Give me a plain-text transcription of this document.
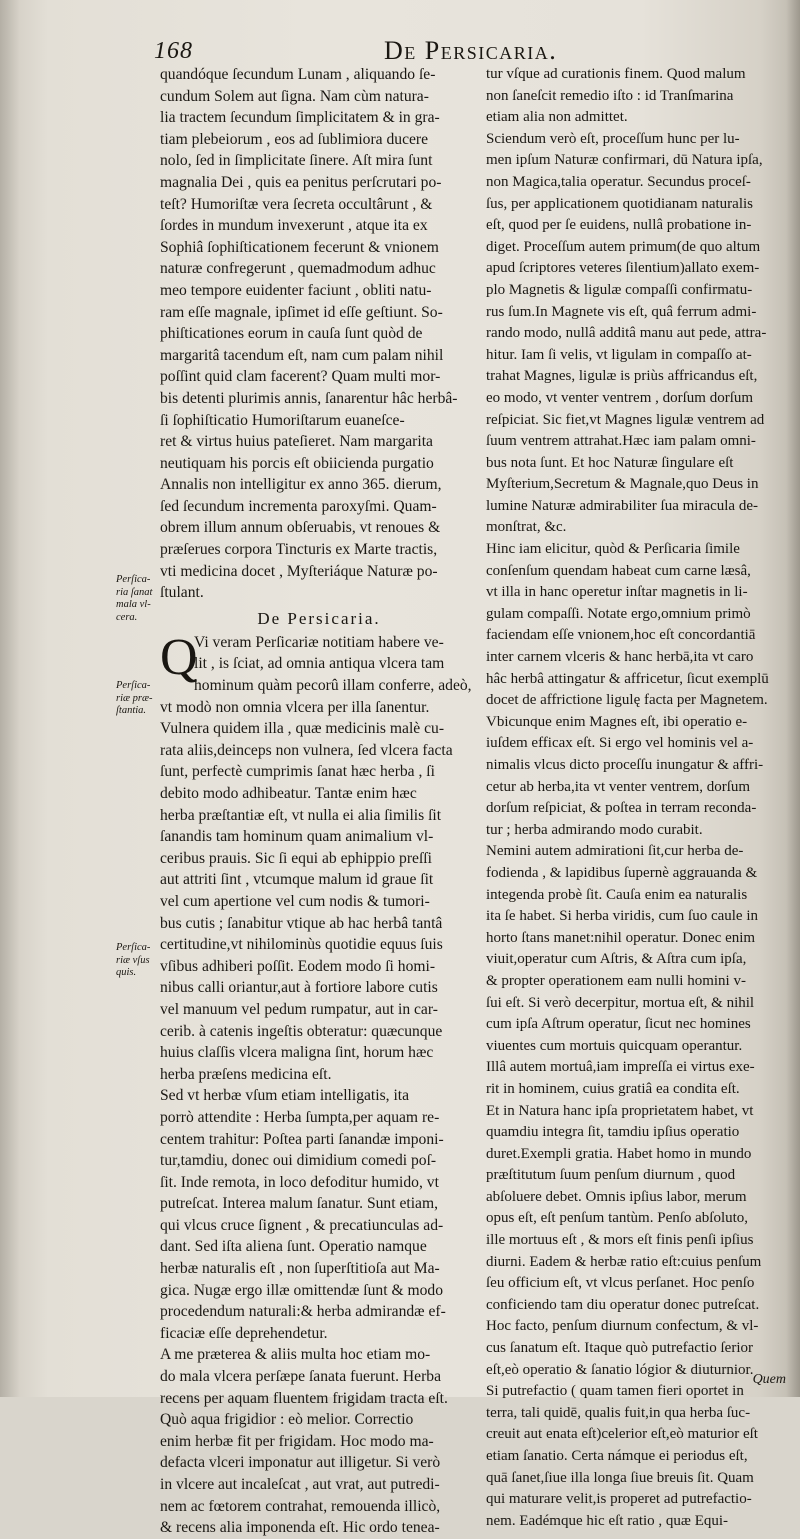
168	De Persicaria.

Perſica-ria ſanat mala vl-cera.
Perſica-riæ præ-ſtantia.
Perſica-riæ vſus quis.
quandóque ſecundum Lunam , aliquando ſe-
cundum Solem aut ſigna. Nam cùm natura-
lia tractem ſecundum ſimplicitatem & in gra-
tiam plebeiorum , eos ad ſublimiora ducere
nolo, ſed in ſimplicitate ſinere. Aſt mira ſunt
magnalia Dei , quis ea penitus perſcrutari po-
teſt? Humoriſtæ vera ſecreta occultârunt , &
ſordes in mundum invexerunt , atque ita ex
Sophiâ ſophiſticationem fecerunt & vnionem
naturæ confregerunt , quemadmodum adhuc
meo tempore euidenter faciunt , obliti natu-
ram eſſe magnale, ipſimet id eſſe geſtiunt. So-
phiſticationes eorum in cauſa ſunt quòd de
margaritâ tacendum eſt, nam cum palam nihil
poſſint quid clam facerent? Quam multi mor-
bis detenti plurimis annis, ſanarentur hâc herbâ-
ſi ſophiſticatio Humoriſtarum euaneſce-
ret & virtus huius pateſieret. Nam margarita
neutiquam his porcis eſt obiicienda purgatio
Annalis non intelligitur ex anno 365. dierum,
ſed ſecundum incrementa paroxyſmi. Quam-
obrem illum annum obſeruabis, vt renoues &
præſerues corpora Tincturis ex Marte tractis,
vti medicina docet , Myſteriáque Naturæ po-
ſtulant.
De Persicaria.
Q
Vi veram Perſicariæ notitiam habere ve-
lit , is ſciat, ad omnia antiqua vlcera tam
hominum quàm pecorû illam conferre, adeò,
vt modò non omnia vlcera per illa ſanentur.
Vulnera quidem illa , quæ medicinis malè cu-
rata aliis,deinceps non vulnera, ſed vlcera facta
ſunt, perfectè cumprimis ſanat hæc herba , ſi
debito modo adhibeatur. Tantæ enim hæc
herba præſtantiæ eſt, vt nulla ei alia ſimilis ſit
ſanandis tam hominum quam animalium vl-
ceribus prauis. Sic ſi equi ab ephippio preſſi
aut attriti ſint , vtcumque malum id graue ſit
vel cum apertione vel cum nodis & tumori-
bus cutis ; ſanabitur vtique ab hac herbâ tantâ
certitudine,vt nihilominùs quotidie equus ſuis
vſibus adhiberi poſſit. Eodem modo ſi homi-
nibus calli oriantur,aut à fortiore labore cutis
vel manuum vel pedum rumpatur, aut in car-
cerib. à catenis ingeſtis obteratur: quæcunque
huius claſſis vlcera maligna ſint, horum hæc
herba præſens medicina eſt.
Sed vt herbæ vſum etiam intelligatis, ita
porrò attendite : Herba ſumpta,per aquam re-
centem trahitur: Poſtea parti ſanandæ imponi-
tur,tamdiu, donec oui dimidium comedi poſ-
ſit. Inde remota, in loco defoditur humido, vt
putreſcat. Interea malum ſanatur. Sunt etiam,
qui vlcus cruce ſignent , & precatiunculas ad-
dant. Sed iſta aliena ſunt. Operatio namque
herbæ naturalis eſt , non ſuperſtitioſa aut Ma-
gica. Nugæ ergo illæ omittendæ ſunt & modo
procedendum naturali:& herba admirandæ ef-
ficaciæ eſſe deprehendetur.
A me præterea & aliis multa hoc etiam mo-
do mala vlcera perſæpe ſanata fuerunt. Herba
recens per aquam fluentem frigidam tracta eſt.
Quò aqua frigidior : eò melior. Correctio
enim herbæ fit per frigidam. Hoc modo ma-
defacta vlceri imponatur aut illigetur. Si verò
in vlcere aut incaleſcat , aut vrat, aut putredi-
nem ac fœtorem contrahat, remouenda illicò,
& recens alia imponenda eſt. Hic ordo tenea-
tur vſque ad curationis finem. Quod malum
non ſaneſcit remedio iſto : id Tranſmarina
etiam alia non admittet.
Sciendum verò eſt, proceſſum hunc per lu-
men ipſum Naturæ confirmari, dū Natura ipſa,
non Magica,talia operatur. Secundus proceſ-
ſus, per applicationem quotidianam naturalis
eſt, quod per ſe euidens, nullâ probatione in-
diget. Proceſſum autem primum(de quo altum
apud ſcriptores veteres ſilentium)allato exem-
plo Magnetis & ligulæ compaſſi confirmatu-
rus ſum.In Magnete vis eſt, quâ ferrum admi-
rando modo, nullâ additâ manu aut pede, attra-
hitur. Iam ſi velis, vt ligulam in compaſſo at-
trahat Magnes, ligulæ is priùs affricandus eſt,
eo modo, vt venter ventrem , dorſum dorſum
reſpiciat. Sic fiet,vt Magnes ligulæ ventrem ad
ſuum ventrem attrahat.Hæc iam palam omni-
bus nota ſunt. Et hoc Naturæ ſingulare eſt
Myſterium,Secretum & Magnale,quo Deus in
lumine Naturæ admirabiliter ſua miracula de-
monſtrat, &c.
Hinc iam elicitur, quòd & Perſicaria ſimile
conſenſum quendam habeat cum carne læsâ,
vt illa in hanc operetur inſtar magnetis in li-
gulam compaſſi. Notate ergo,omnium primò
faciendam eſſe vnionem,hoc eſt concordantiā
inter carnem vlceris & hanc herbā,ita vt caro
hâc herbâ attingatur & affricetur, ſicut exemplū
docet de affrictione ligulę facta per Magnetem.
Vbicunque enim Magnes eſt, ibi operatio e-
iuſdem efficax eſt. Si ergo vel hominis vel a-
nimalis vlcus dicto proceſſu inungatur & affri-
cetur ab herba,ita vt venter ventrem, dorſum
dorſum reſpiciat, & poſtea in terram reconda-
tur ; herba admirando modo curabit.
Nemini autem admirationi ſit,cur herba de-
fodienda , & lapidibus ſupernè aggrauanda &
integenda probè ſit. Cauſa enim ea naturalis
ita ſe habet. Si herba viridis, cum ſuo caule in
horto ſtans manet:nihil operatur. Donec enim
viuit,operatur cum Aſtris, & Aſtra cum ipſa,
& propter operationem eam nulli homini v-
ſui eſt. Si verò decerpitur, mortua eſt, & nihil
cum ipſa Aſtrum operatur, ſicut nec homines
viuentes cum mortuis quicquam operantur.
Illâ autem mortuâ,iam impreſſa ei virtus exe-
rit in hominem, cuius gratiâ ea condita eſt.
Et in Natura hanc ipſa proprietatem habet, vt
quamdiu integra ſit, tamdiu ipſius operatio
duret.Exempli gratia. Habet homo in mundo
præſtitutum ſuum penſum diurnum , quod
abſoluere debet. Omnis ipſius labor, merum
opus eſt, eſt penſum tantùm. Penſo abſoluto,
ille mortuus eſt , & mors eſt finis penſi ipſius
diurni. Eadem & herbæ ratio eſt:cuius penſum
ſeu officium eſt, vt vlcus perſanet. Hoc penſo
conficiendo tam diu operatur donec putreſcat.
Hoc facto, penſum diurnum confectum, & vl-
cus ſanatum eſt. Itaque quò putrefactio ſerior
eſt,eò operatio & ſanatio lógior & diuturnior.
Si putrefactio ( quam tamen fieri oportet in
terra, tali quidē, qualis fuit,in qua herba ſuc-
creuit aut enata eſt)celerior eſt,eò maturior eſt
etiam ſanatio. Certa námque ei periodus eſt,
quā ſanet,ſiue illa longa ſiue breuis ſit. Quam
qui maturare velit,is properet ad putrefactio-
nem. Eadémque hic eſt ratio , quæ Equi-
Quem
